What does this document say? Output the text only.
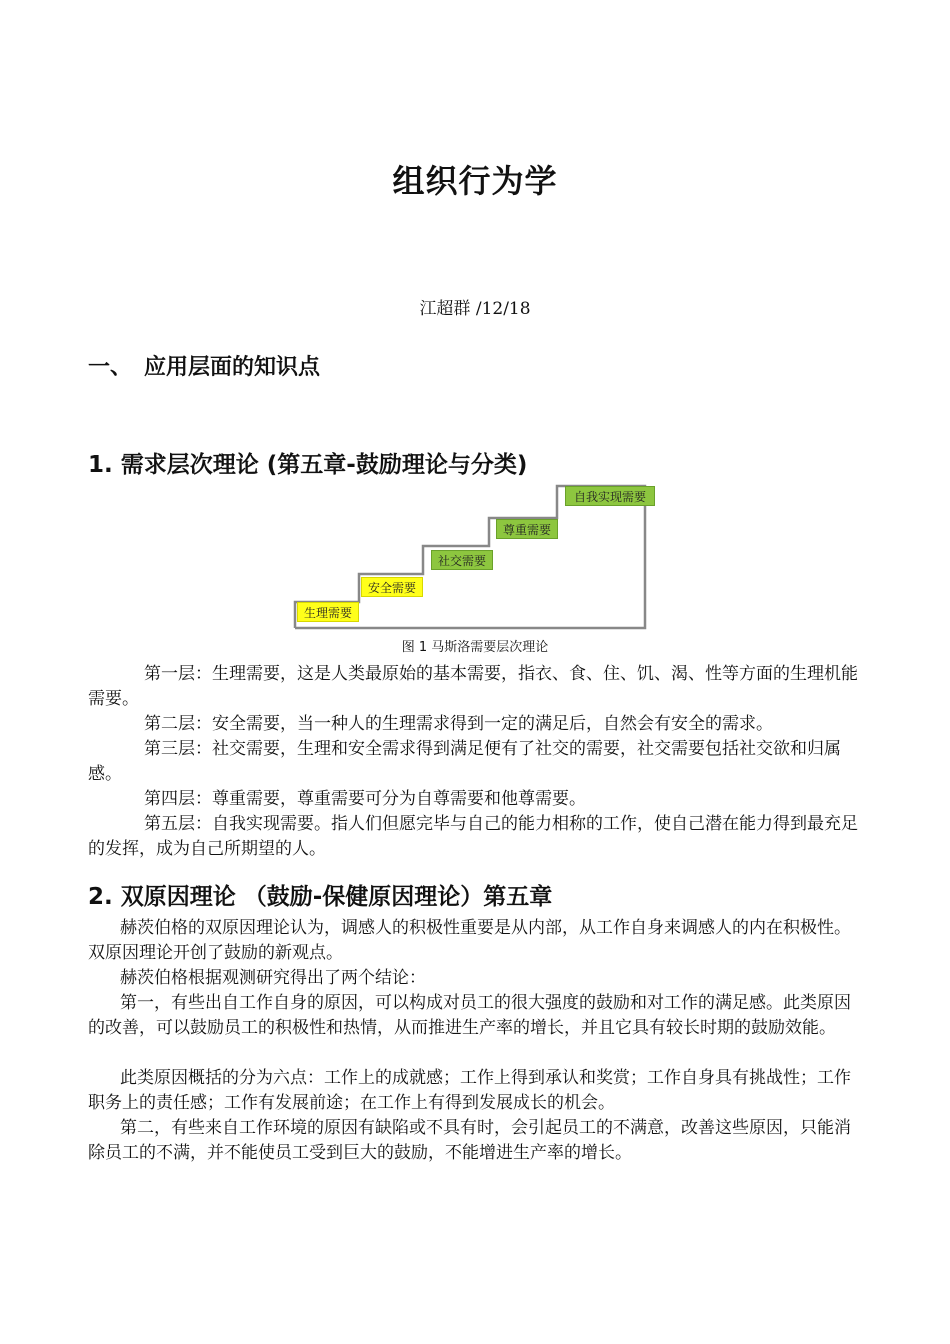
组织行为学
江超群 /12/18
一、 应用层面的知识点
1. 需求层次理论 (第五章-鼓励理论与分类)
生理需要
安全需要
社交需要
尊重需要
自我实现需要
图 1 马斯洛需要层次理论
第一层：生理需要，这是人类最原始的基本需要，指衣、食、住、饥、渴、性等方面的生理机能需要。
第二层：安全需要，当一种人的生理需求得到一定的满足后，自然会有安全的需求。
第三层：社交需要，生理和安全需求得到满足便有了社交的需要，社交需要包括社交欲和归属感。
第四层：尊重需要，尊重需要可分为自尊需要和他尊需要。
第五层：自我实现需要。指人们但愿完毕与自己的能力相称的工作，使自己潜在能力得到最充足的发挥，成为自己所期望的人。
2. 双原因理论 （鼓励-保健原因理论）第五章
赫茨伯格的双原因理论认为，调感人的积极性重要是从内部，从工作自身来调感人的内在积极性。双原因理论开创了鼓励的新观点。
赫茨伯格根据观测研究得出了两个结论：
第一，有些出自工作自身的原因，可以构成对员工的很大强度的鼓励和对工作的满足感。此类原因的改善，可以鼓励员工的积极性和热情，从而推进生产率的增长，并且它具有较长时期的鼓励效能。
此类原因概括的分为六点：工作上的成就感；工作上得到承认和奖赏；工作自身具有挑战性；工作职务上的责任感；工作有发展前途；在工作上有得到发展成长的机会。
第二，有些来自工作环境的原因有缺陷或不具有时，会引起员工的不满意，改善这些原因，只能消除员工的不满，并不能使员工受到巨大的鼓励，不能增进生产率的增长。
